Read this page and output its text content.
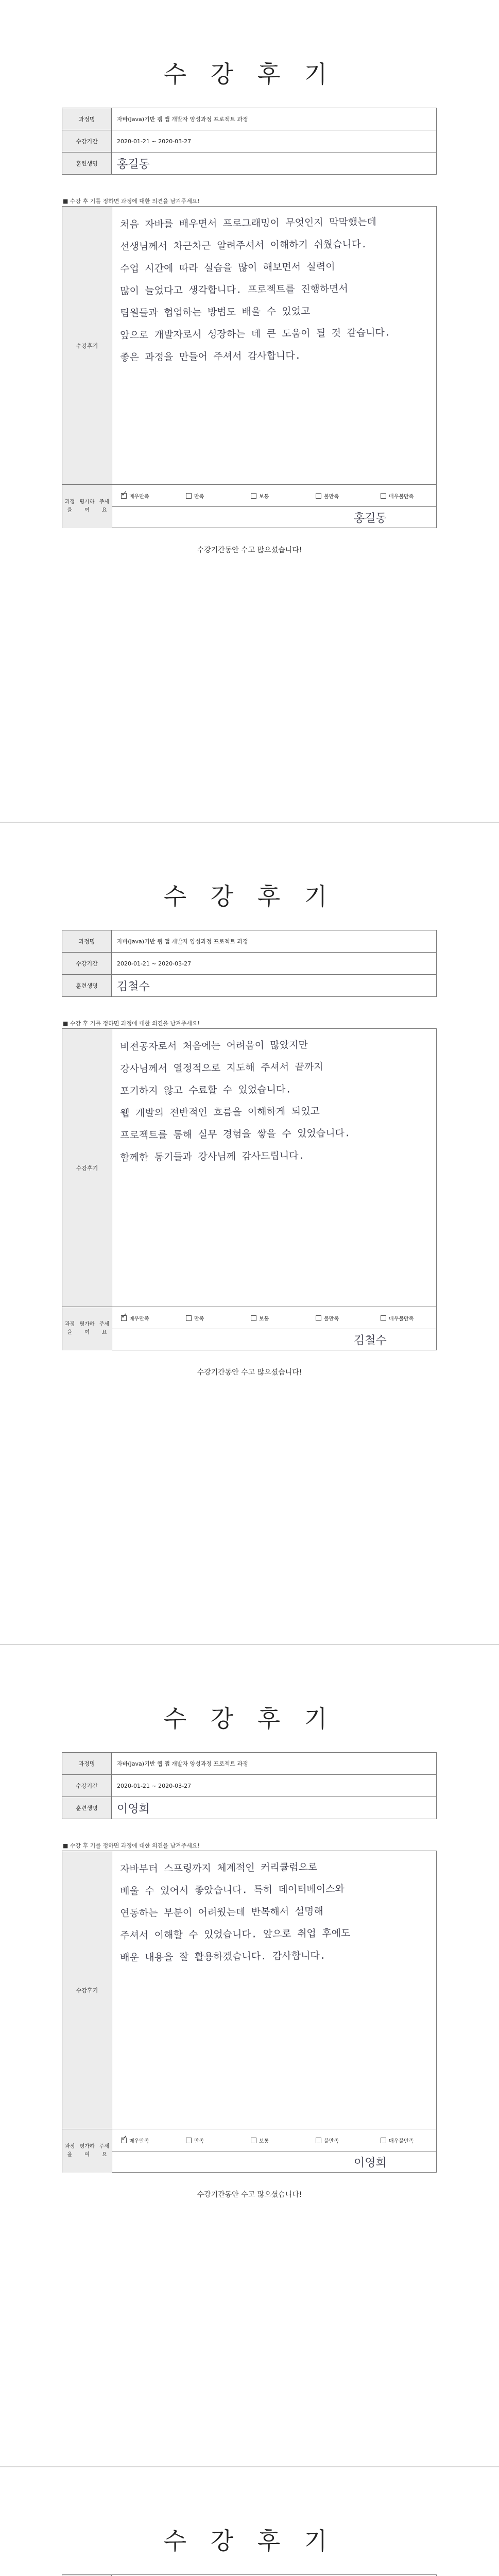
수 강 후 기
과정명	자바(Java)기반 웹 앱 개발자 양성과정 프로젝트 과정
수강기간	2020-01-21 ~ 2020-03-27
훈련생명	홍길동
■ 수강 후 기를 정하면 과정에 대한 의견을 남겨주세요!
수강후기
처음 자바를 배우면서 프로그래밍이 무엇인지 막막했는데
선생님께서 차근차근 알려주셔서 이해하기 쉬웠습니다.
수업 시간에 따라 실습을 많이 해보면서 실력이
많이 늘었다고 생각합니다. 프로젝트를 진행하면서
팀원들과 협업하는 방법도 배울 수 있었고
앞으로 개발자로서 성장하는 데 큰 도움이 될 것 같습니다.
좋은 과정을 만들어 주셔서 감사합니다.
과정을
평가하여
주세요
✓
매우만족	만족	보통	불만족	매우불만족
홍길동
수강기간동안 수고 많으셨습니다!
수 강 후 기
과정명	자바(Java)기반 웹 앱 개발자 양성과정 프로젝트 과정
수강기간	2020-01-21 ~ 2020-03-27
훈련생명	김철수
■ 수강 후 기를 정하면 과정에 대한 의견을 남겨주세요!
수강후기
비전공자로서 처음에는 어려움이 많았지만
강사님께서 열정적으로 지도해 주셔서 끝까지
포기하지 않고 수료할 수 있었습니다.
웹 개발의 전반적인 흐름을 이해하게 되었고
프로젝트를 통해 실무 경험을 쌓을 수 있었습니다.
함께한 동기들과 강사님께 감사드립니다.
과정을
평가하여
주세요
✓
매우만족	만족	보통	불만족	매우불만족
김철수
수강기간동안 수고 많으셨습니다!
수 강 후 기
과정명	자바(Java)기반 웹 앱 개발자 양성과정 프로젝트 과정
수강기간	2020-01-21 ~ 2020-03-27
훈련생명	이영희
■ 수강 후 기를 정하면 과정에 대한 의견을 남겨주세요!
수강후기
자바부터 스프링까지 체계적인 커리큘럼으로
배울 수 있어서 좋았습니다. 특히 데이터베이스와
연동하는 부분이 어려웠는데 반복해서 설명해
주셔서 이해할 수 있었습니다. 앞으로 취업 후에도
배운 내용을 잘 활용하겠습니다. 감사합니다.
과정을
평가하여
주세요
✓
매우만족	만족	보통	불만족	매우불만족
이영희
수강기간동안 수고 많으셨습니다!
수 강 후 기
